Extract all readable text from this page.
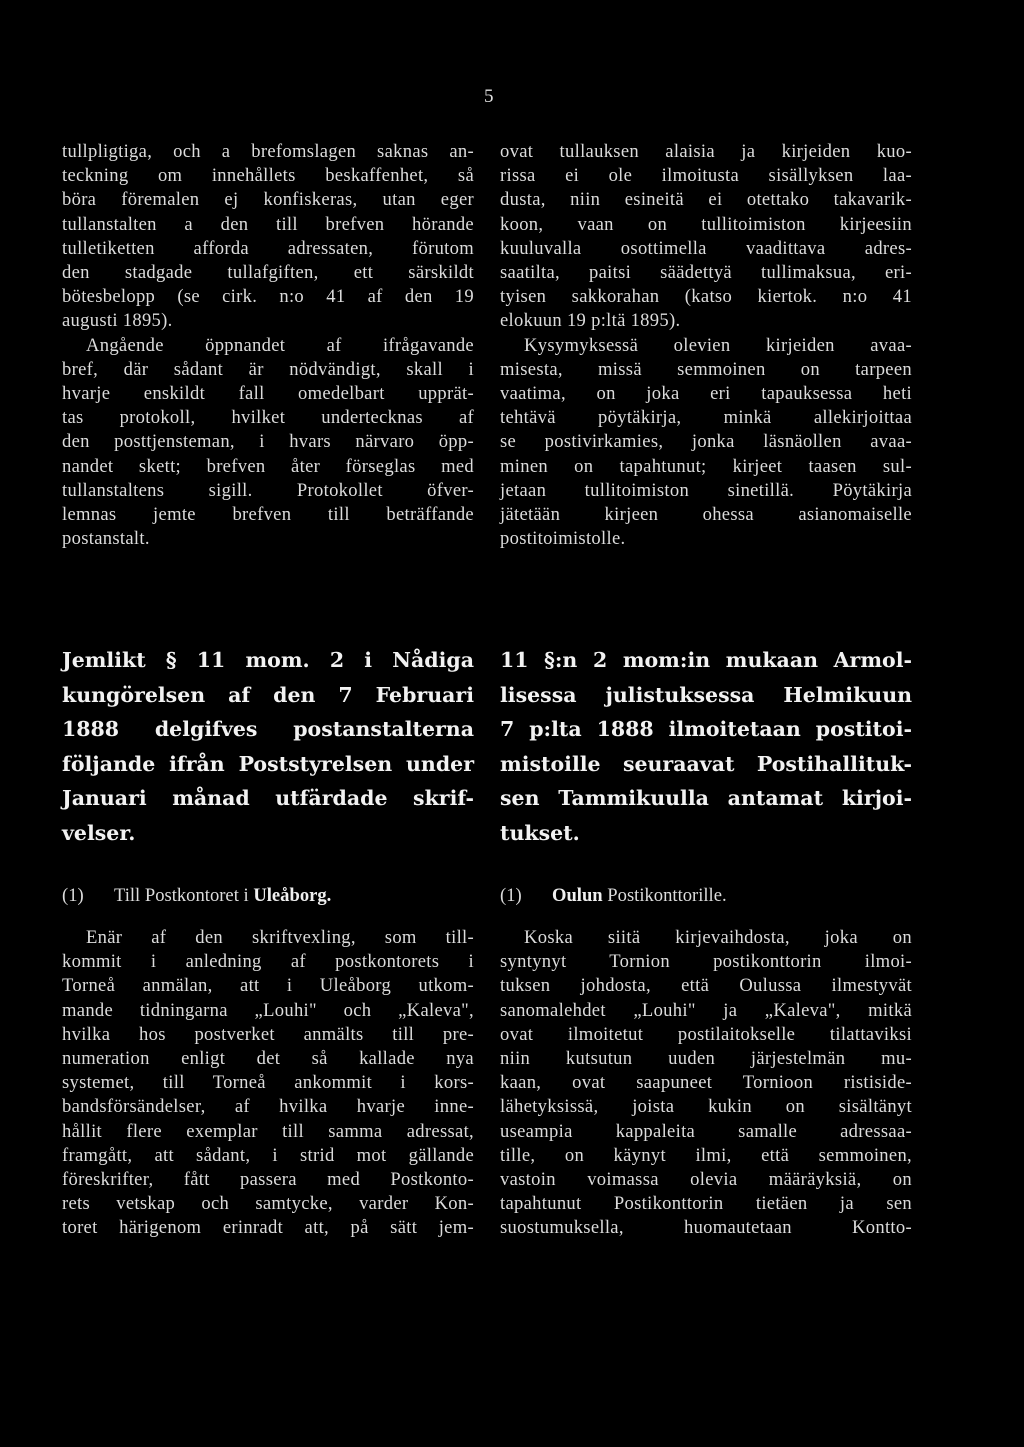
5

tullpligtiga, och a brefomslagen saknas an-
teckning om innehållets beskaffenhet, så
böra föremalen ej konfiskeras, utan eger
tullanstalten a den till brefven hörande
tulletiketten afforda adressaten, förutom
den stadgade tullafgiften, ett särskildt
bötesbelopp (se cirk. n:o 41 af den 19
augusti 1895).
Angående öppnandet af ifrågavande
bref, där sådant är nödvändigt, skall i
hvarje enskildt fall omedelbart upprät-
tas protokoll, hvilket undertecknas af
den posttjensteman, i hvars närvaro öpp-
nandet skett; brefven åter förseglas med
tullanstaltens sigill. Protokollet öfver-
lemnas jemte brefven till beträffande
postanstalt.

ovat tullauksen alaisia ja kirjeiden kuo-
rissa ei ole ilmoitusta sisällyksen laa-
dusta, niin esineitä ei otettako takavarik-
koon, vaan on tullitoimiston kirjeesiin
kuuluvalla osottimella vaadittava adres-
saatilta, paitsi säädettyä tullimaksua, eri-
tyisen sakkorahan (katso kiertok. n:o 41
elokuun 19 p:ltä 1895).
Kysymyksessä olevien kirjeiden avaa-
misesta, missä semmoinen on tarpeen
vaatima, on joka eri tapauksessa heti
tehtävä pöytäkirja, minkä allekirjoittaa
se postivirkamies, jonka läsnäollen avaa-
minen on tapahtunut; kirjeet taasen sul-
jetaan tullitoimiston sinetillä. Pöytäkirja
jätetään kirjeen ohessa asianomaiselle
postitoimistolle.

Jemlikt § 11 mom. 2 i Nådiga
kungörelsen af den 7 Februari
1888 delgifves postanstalterna
följande ifrån Poststyrelsen under
Januari månad utfärdade skrif-
velser.

11 §:n 2 mom:in mukaan Armol-
lisessa julistuksessa Helmikuun
7 p:lta 1888 ilmoitetaan postitoi-
mistoille seuraavat Postihallituk-
sen Tammikuulla antamat kirjoi-
tukset.

(1) Till Postkontoret i Uleåborg.	(1) Oulun Postikonttorille.

Enär af den skriftvexling, som till-
kommit i anledning af postkontorets i
Torneå anmälan, att i Uleåborg utkom-
mande tidningarna „Louhi" och „Kaleva",
hvilka hos postverket anmälts till pre-
numeration enligt det så kallade nya
systemet, till Torneå ankommit i kors-
bandsförsändelser, af hvilka hvarje inne-
hållit flere exemplar till samma adressat,
framgått, att sådant, i strid mot gällande
föreskrifter, fått passera med Postkonto-
rets vetskap och samtycke, varder Kon-
toret härigenom erinradt att, på sätt jem-

Koska siitä kirjevaihdosta, joka on
syntynyt Tornion postikonttorin ilmoi-
tuksen johdosta, että Oulussa ilmestyvät
sanomalehdet „Louhi" ja „Kaleva", mitkä
ovat ilmoitetut postilaitokselle tilattaviksi
niin kutsutun uuden järjestelmän mu-
kaan, ovat saapuneet Tornioon ristiside-
lähetyksissä, joista kukin on sisältänyt
useampia kappaleita samalle adressaa-
tille, on käynyt ilmi, että semmoinen,
vastoin voimassa olevia määräyksiä, on
tapahtunut Postikonttorin tietäen ja sen
suostumuksella, huomautetaan Kontto-
